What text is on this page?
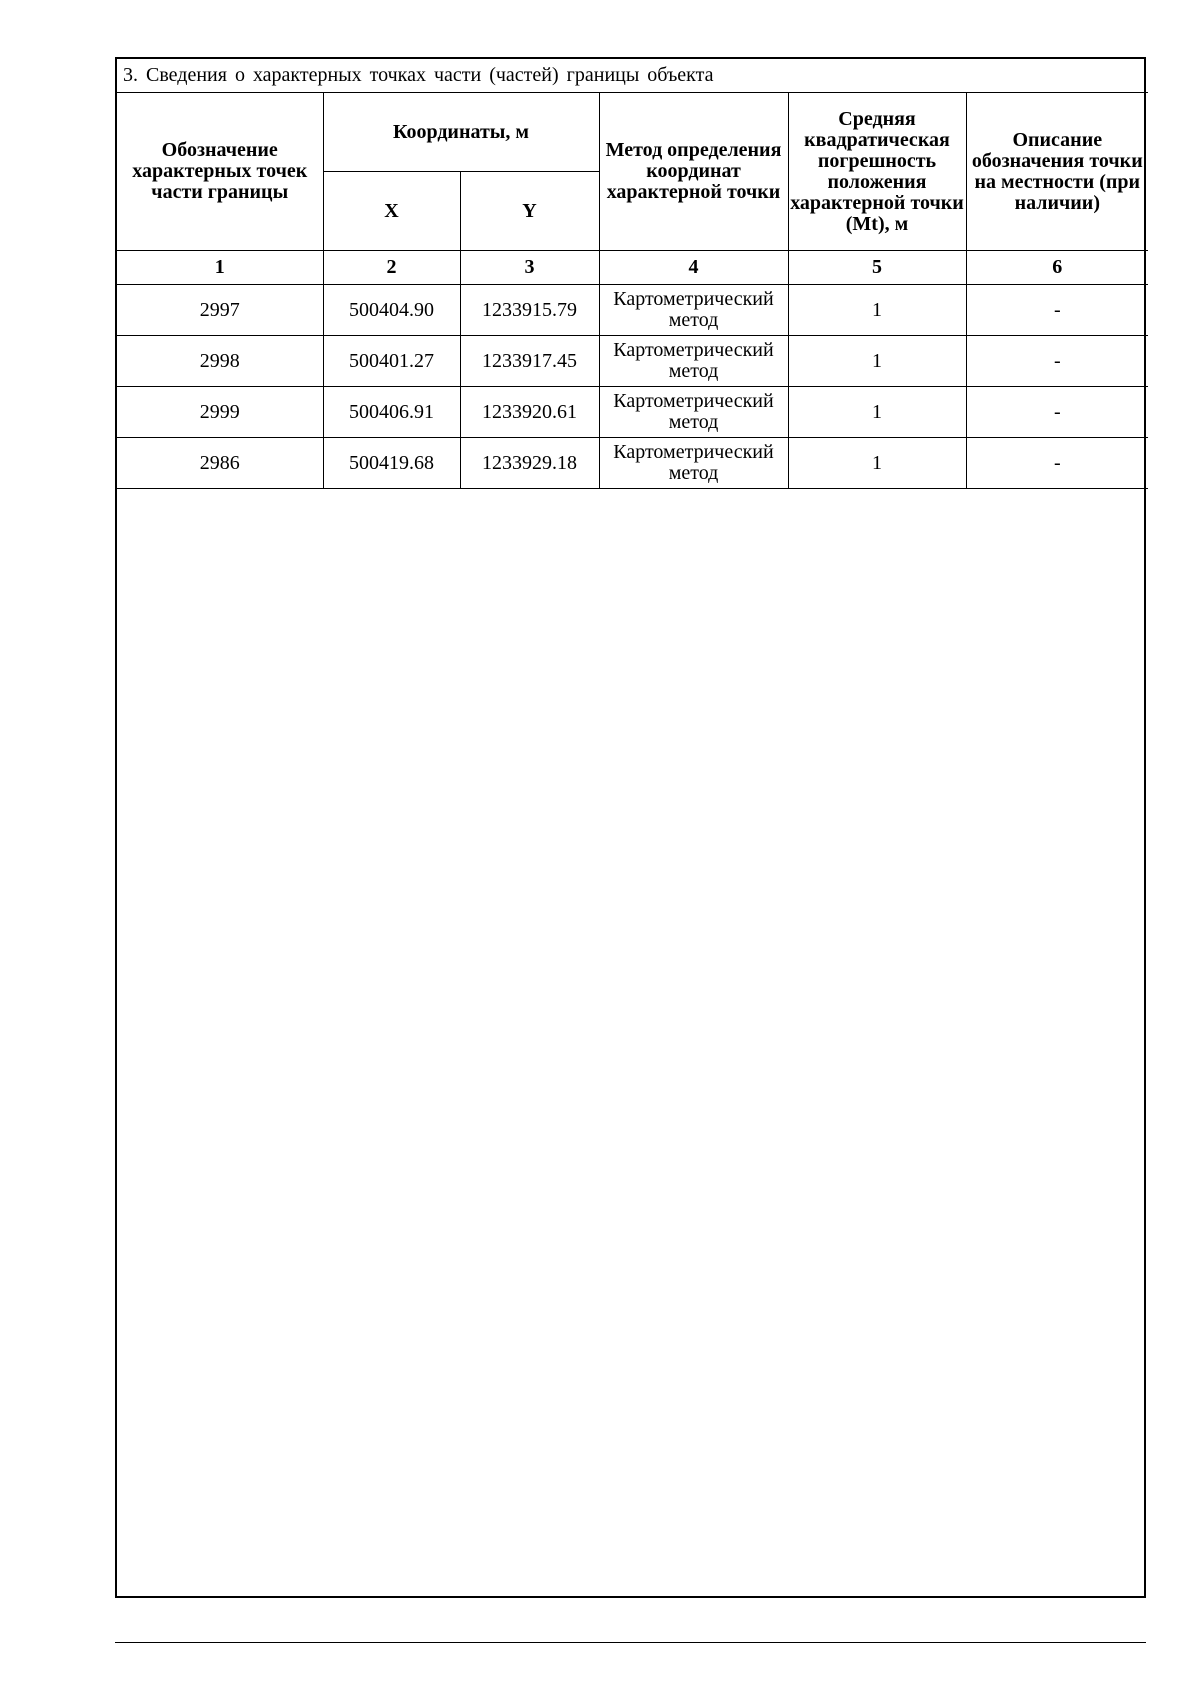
3. Сведения о характерных точках части (частей) границы объекта					
Обозначение характерных точек части границы	Координаты, м		Метод определения координат характерной точки	Средняя квадратическая погрешность положения характерной точки (Mt), м	Описание обозначения точки на местности (при наличии)
	X	Y			
1	2	3	4	5	6
2997	500404.90	1233915.79	Картометрический метод	1	-
2998	500401.27	1233917.45	Картометрический метод	1	-
2999	500406.91	1233920.61	Картометрический метод	1	-
2986	500419.68	1233929.18	Картометрический метод	1	-
